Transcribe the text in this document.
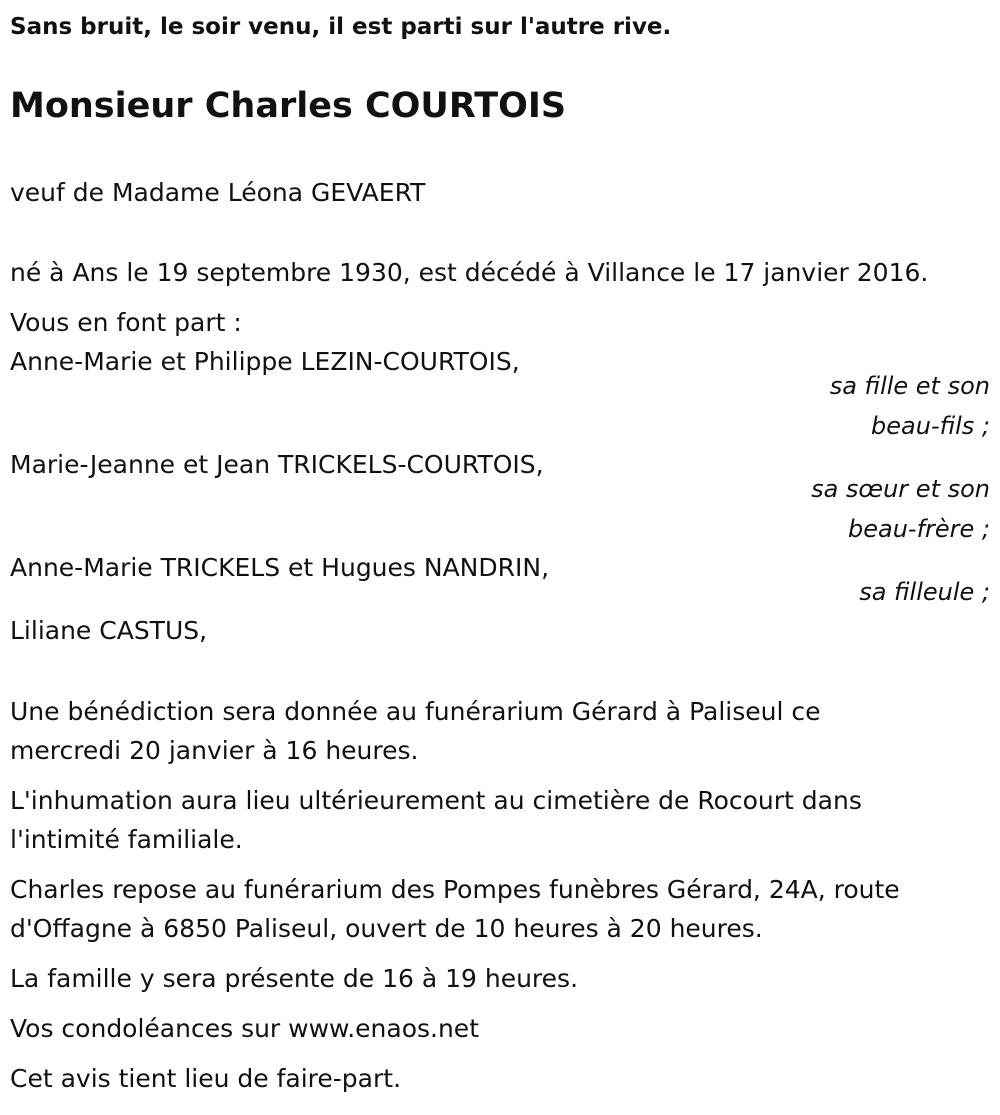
Sans bruit, le soir venu, il est parti sur l'autre rive.
Monsieur Charles COURTOIS
veuf de Madame Léona GEVAERT
né à Ans le 19 septembre 1930, est décédé à Villance le 17 janvier 2016.
Vous en font part :
Anne-Marie et Philippe LEZIN-COURTOIS,
sa fille et son
beau-fils ;
Marie-Jeanne et Jean TRICKELS-COURTOIS,
sa sœur et son
beau-frère ;
Anne-Marie TRICKELS et Hugues NANDRIN,
sa filleule ;
Liliane CASTUS,
Une bénédiction sera donnée au funérarium Gérard à Paliseul ce
mercredi 20 janvier à 16 heures.
L'inhumation aura lieu ultérieurement au cimetière de Rocourt dans
l'intimité familiale.
Charles repose au funérarium des Pompes funèbres Gérard, 24A, route
d'Offagne à 6850 Paliseul, ouvert de 10 heures à 20 heures.
La famille y sera présente de 16 à 19 heures.
Vos condoléances sur www.enaos.net
Cet avis tient lieu de faire-part.
